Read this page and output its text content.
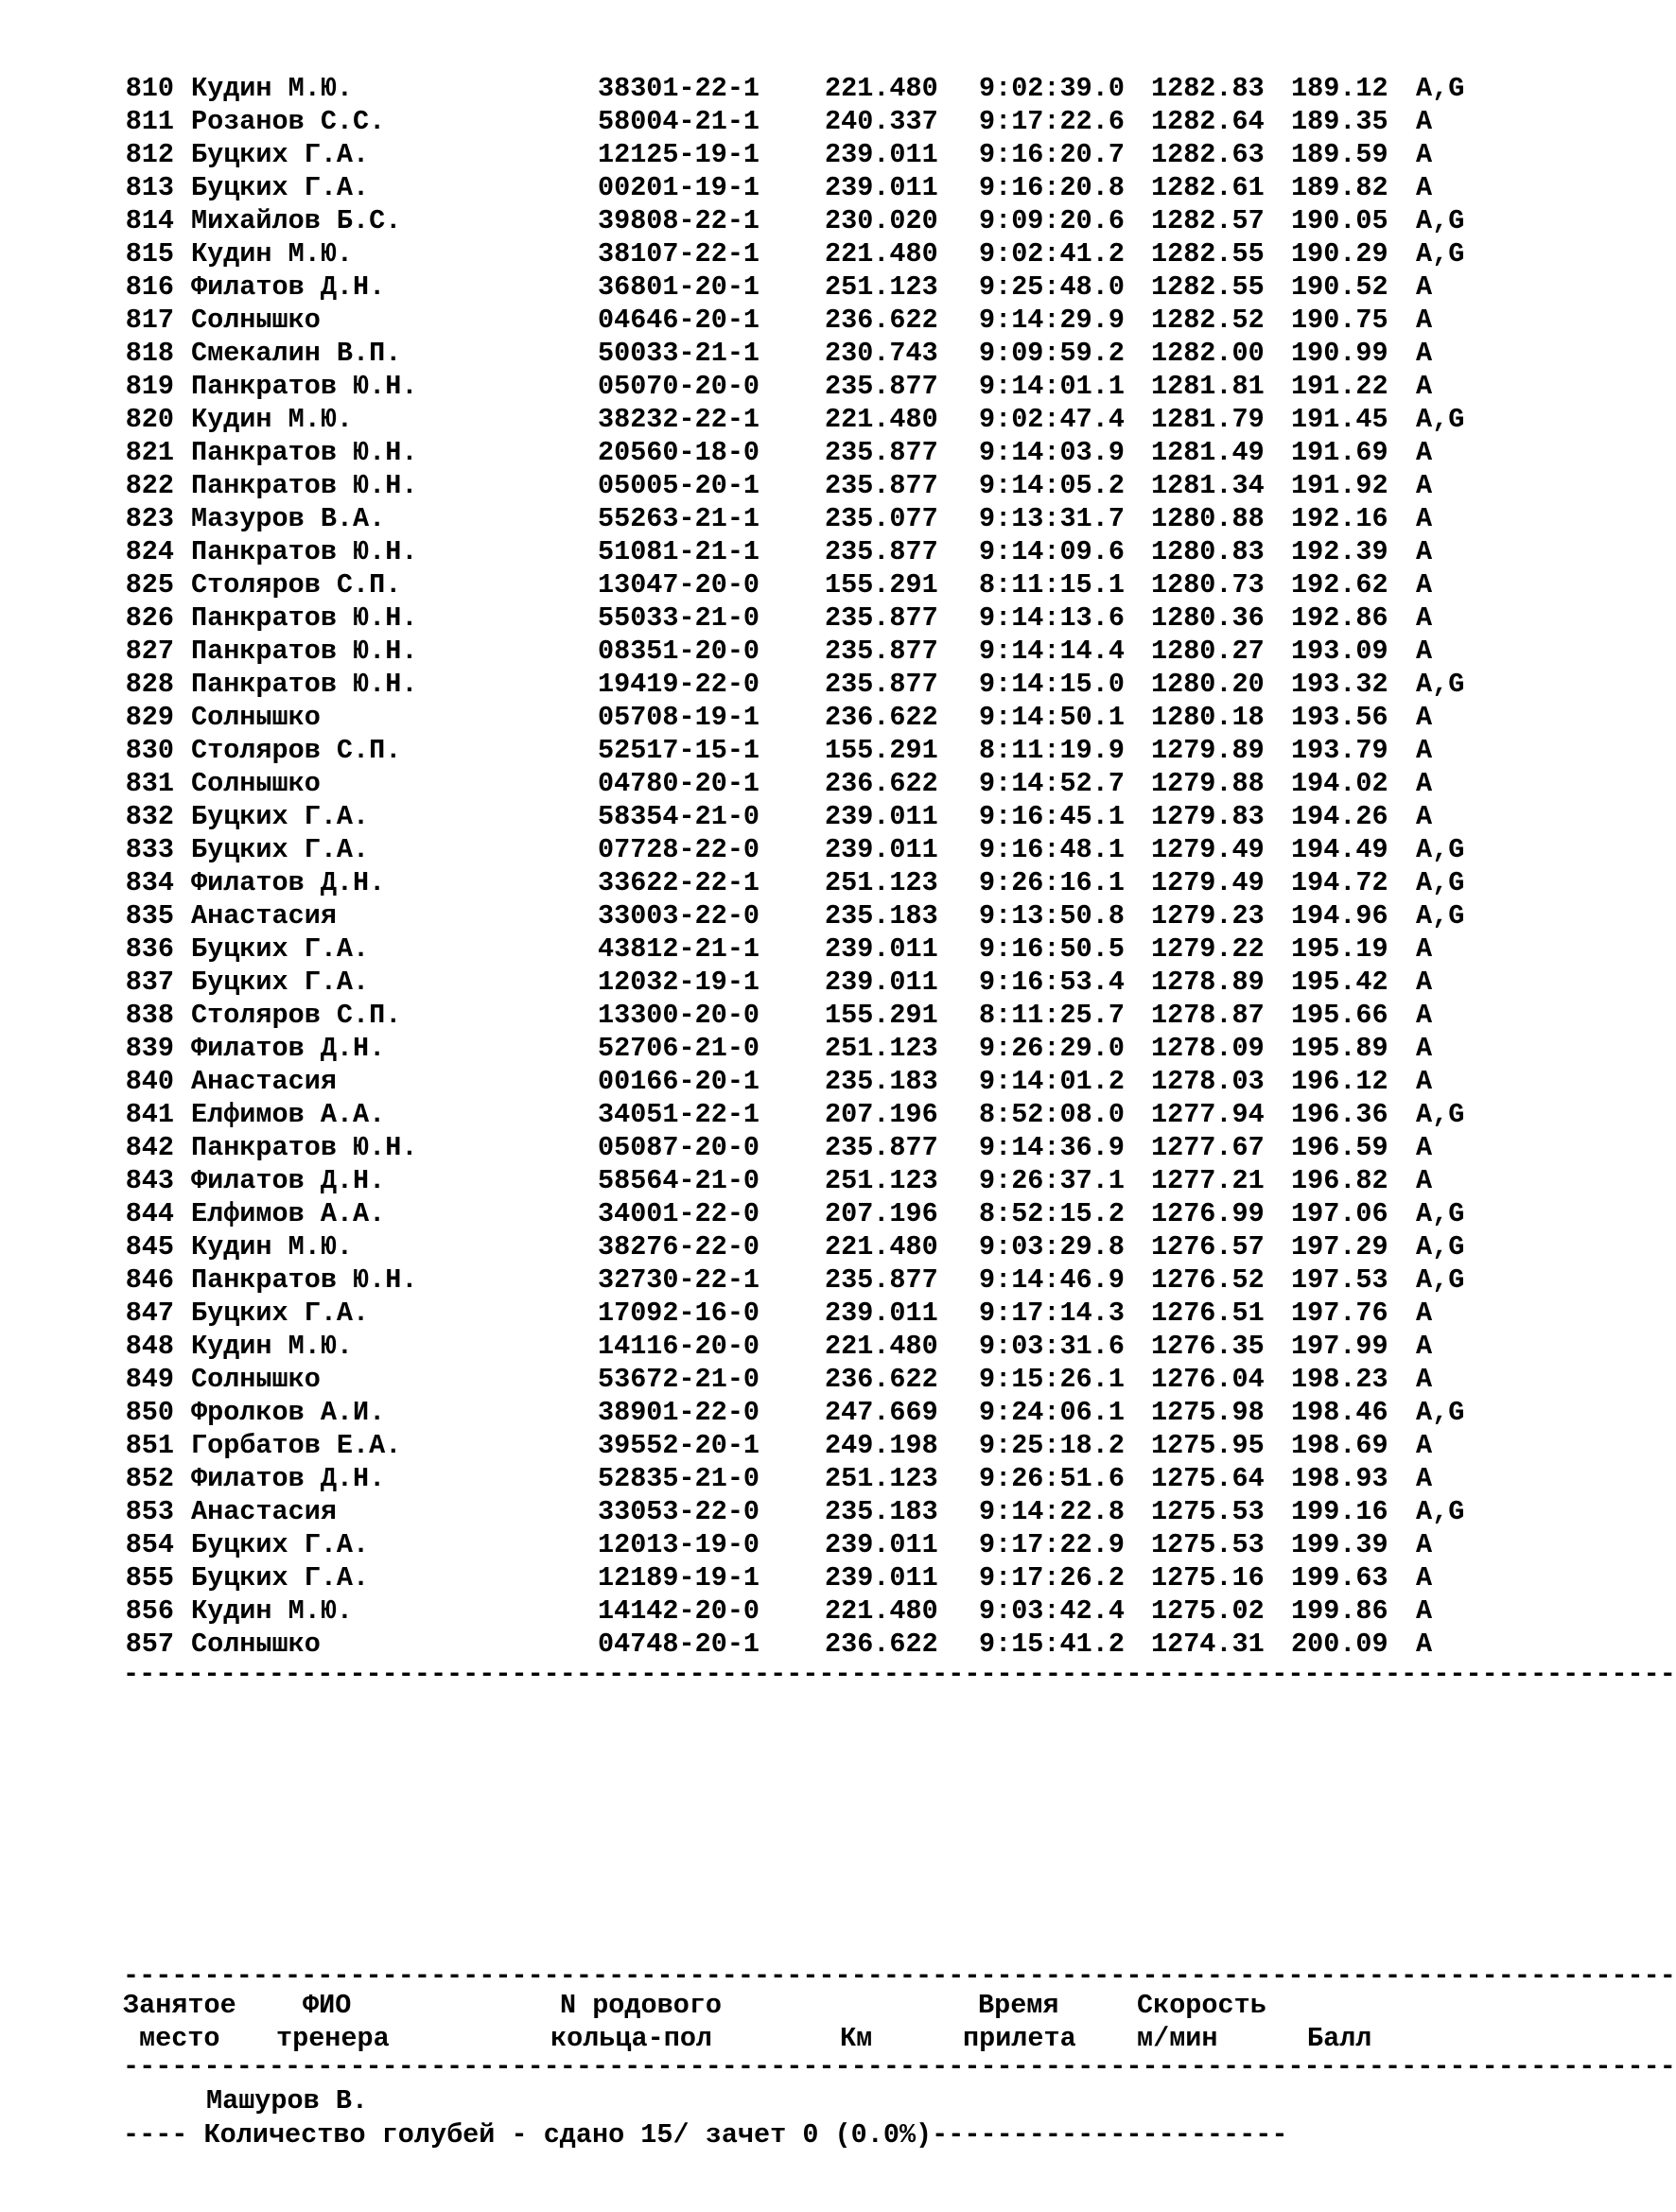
810 Кудин М.Ю.	38301-22-1 221.480 9:02:39.0 1282.83 189.12 A,G
811 Розанов С.С.	58004-21-1 240.337 9:17:22.6 1282.64 189.35 A
812 Буцких Г.А.	12125-19-1 239.011 9:16:20.7 1282.63 189.59 A
813 Буцких Г.А.	00201-19-1 239.011 9:16:20.8 1282.61 189.82 A
814 Михайлов Б.С.	39808-22-1 230.020 9:09:20.6 1282.57 190.05 A,G
815 Кудин М.Ю.	38107-22-1 221.480 9:02:41.2 1282.55 190.29 A,G
816 Филатов Д.Н.	36801-20-1 251.123 9:25:48.0 1282.55 190.52 A
817 Солнышко	04646-20-1 236.622 9:14:29.9 1282.52 190.75 A
818 Смекалин В.П.	50033-21-1 230.743 9:09:59.2 1282.00 190.99 A
819 Панкратов Ю.Н.	05070-20-0 235.877 9:14:01.1 1281.81 191.22 A
820 Кудин М.Ю.	38232-22-1 221.480 9:02:47.4 1281.79 191.45 A,G
821 Панкратов Ю.Н.	20560-18-0 235.877 9:14:03.9 1281.49 191.69 A
822 Панкратов Ю.Н.	05005-20-1 235.877 9:14:05.2 1281.34 191.92 A
823 Мазуров В.А.	55263-21-1 235.077 9:13:31.7 1280.88 192.16 A
824 Панкратов Ю.Н.	51081-21-1 235.877 9:14:09.6 1280.83 192.39 A
825 Столяров С.П.	13047-20-0 155.291 8:11:15.1 1280.73 192.62 A
826 Панкратов Ю.Н.	55033-21-0 235.877 9:14:13.6 1280.36 192.86 A
827 Панкратов Ю.Н.	08351-20-0 235.877 9:14:14.4 1280.27 193.09 A
828 Панкратов Ю.Н.	19419-22-0 235.877 9:14:15.0 1280.20 193.32 A,G
829 Солнышко	05708-19-1 236.622 9:14:50.1 1280.18 193.56 A
830 Столяров С.П.	52517-15-1 155.291 8:11:19.9 1279.89 193.79 A
831 Солнышко	04780-20-1 236.622 9:14:52.7 1279.88 194.02 A
832 Буцких Г.А.	58354-21-0 239.011 9:16:45.1 1279.83 194.26 A
833 Буцких Г.А.	07728-22-0 239.011 9:16:48.1 1279.49 194.49 A,G
834 Филатов Д.Н.	33622-22-1 251.123 9:26:16.1 1279.49 194.72 A,G
835 Анастасия	33003-22-0 235.183 9:13:50.8 1279.23 194.96 A,G
836 Буцких Г.А.	43812-21-1 239.011 9:16:50.5 1279.22 195.19 A
837 Буцких Г.А.	12032-19-1 239.011 9:16:53.4 1278.89 195.42 A
838 Столяров С.П.	13300-20-0 155.291 8:11:25.7 1278.87 195.66 A
839 Филатов Д.Н.	52706-21-0 251.123 9:26:29.0 1278.09 195.89 A
840 Анастасия	00166-20-1 235.183 9:14:01.2 1278.03 196.12 A
841 Елфимов А.А.	34051-22-1 207.196 8:52:08.0 1277.94 196.36 A,G
842 Панкратов Ю.Н.	05087-20-0 235.877 9:14:36.9 1277.67 196.59 A
843 Филатов Д.Н.	58564-21-0 251.123 9:26:37.1 1277.21 196.82 A
844 Елфимов А.А.	34001-22-0 207.196 8:52:15.2 1276.99 197.06 A,G
845 Кудин М.Ю.	38276-22-0 221.480 9:03:29.8 1276.57 197.29 A,G
846 Панкратов Ю.Н.	32730-22-1 235.877 9:14:46.9 1276.52 197.53 A,G
847 Буцких Г.А.	17092-16-0 239.011 9:17:14.3 1276.51 197.76 A
848 Кудин М.Ю.	14116-20-0 221.480 9:03:31.6 1276.35 197.99 A
849 Солнышко	53672-21-0 236.622 9:15:26.1 1276.04 198.23 A
850 Фролков А.И.	38901-22-0 247.669 9:24:06.1 1275.98 198.46 A,G
851 Горбатов Е.А.	39552-20-1 249.198 9:25:18.2 1275.95 198.69 A
852 Филатов Д.Н.	52835-21-0 251.123 9:26:51.6 1275.64 198.93 A
853 Анастасия	33053-22-0 235.183 9:14:22.8 1275.53 199.16 A,G
854 Буцких Г.А.	12013-19-0 239.011 9:17:22.9 1275.53 199.39 A
855 Буцких Г.А.	12189-19-1 239.011 9:17:26.2 1275.16 199.63 A
856 Кудин М.Ю.	14142-20-0 221.480 9:03:42.4 1275.02 199.86 A
857 Солнышко	04748-20-1 236.622 9:15:41.2 1274.31 200.09 A
------------------------------------------------------------------------------------------------
------------------------------------------------------------------------------------------------
Занятое ФИО	N родового	Время	Скорость
место тренера	кольца-пол	Км	прилета м/мин	Балл
------------------------------------------------------------------------------------------------
Машуров В.
---- Количество голубей - сдано 15/ зачет 0 (0.0%)----------------------
